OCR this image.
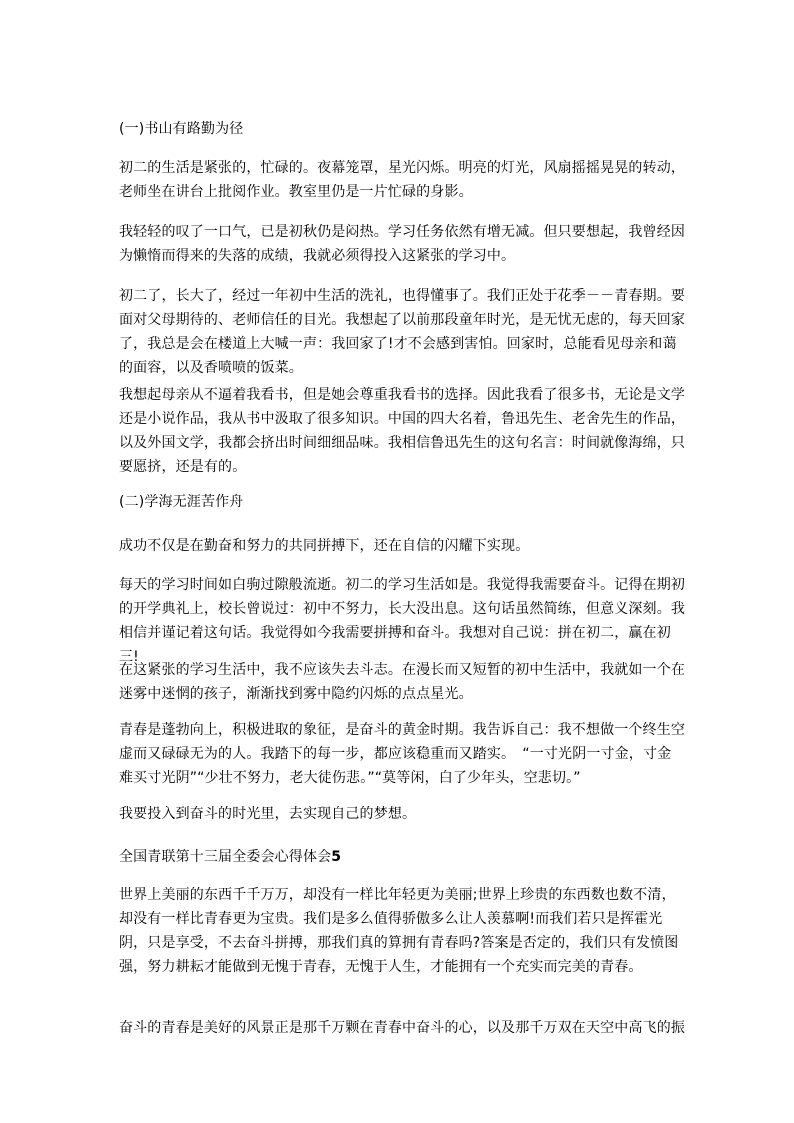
(一)书山有路勤为径

初二的生活是紧张的，忙碌的。夜幕笼罩，星光闪烁。明亮的灯光，风扇摇摇晃晃的转动，老师坐在讲台上批阅作业。教室里仍是一片忙碌的身影。

我轻轻的叹了一口气，已是初秋仍是闷热。学习任务依然有增无减。但只要想起，我曾经因为懒惰而得来的失落的成绩，我就必须得投入这紧张的学习中。

初二了，长大了，经过一年初中生活的洗礼，也得懂事了。我们正处于花季－－青春期。要面对父母期待的、老师信任的目光。我想起了以前那段童年时光，是无忧无虑的，每天回家了，我总是会在楼道上大喊一声：我回家了!才不会感到害怕。回家时，总能看见母亲和蔼的面容，以及香喷喷的饭菜。

我想起母亲从不逼着我看书，但是她会尊重我看书的选择。因此我看了很多书，无论是文学还是小说作品，我从书中汲取了很多知识。中国的四大名着，鲁迅先生、老舍先生的作品，以及外国文学，我都会挤出时间细细品味。我相信鲁迅先生的这句名言：时间就像海绵，只要愿挤，还是有的。

(二)学海无涯苦作舟

成功不仅是在勤奋和努力的共同拼搏下，还在自信的闪耀下实现。

每天的学习时间如白驹过隙般流逝。初二的学习生活如是。我觉得我需要奋斗。记得在期初的开学典礼上，校长曾说过：初中不努力，长大没出息。这句话虽然简练，但意义深刻。我相信并谨记着这句话。我觉得如今我需要拼搏和奋斗。我想对自己说：拼在初二，赢在初三!

在这紧张的学习生活中，我不应该失去斗志。在漫长而又短暂的初中生活中，我就如一个在迷雾中迷惘的孩子，渐渐找到雾中隐约闪烁的点点星光。

青春是蓬勃向上，积极进取的象征，是奋斗的黄金时期。我告诉自己：我不想做一个终生空虚而又碌碌无为的人。我踏下的每一步，都应该稳重而又踏实。　“一寸光阴一寸金，寸金难买寸光阴”“少壮不努力，老大徒伤悲。”“莫等闲，白了少年头，空悲切。”

我要投入到奋斗的时光里，去实现自己的梦想。

全国青联第十三届全委会心得体会5

世界上美丽的东西千千万万，却没有一样比年轻更为美丽;世界上珍贵的东西数也数不清，却没有一样比青春更为宝贵。我们是多么值得骄傲多么让人羡慕啊!而我们若只是挥霍光阴，只是享受，不去奋斗拼搏，那我们真的算拥有青春吗?答案是否定的，我们只有发愤图强，努力耕耘才能做到无愧于青春，无愧于人生，才能拥有一个充实而完美的青春。

奋斗的青春是美好的风景正是那千万颗在青春中奋斗的心，以及那千万双在天空中高飞的振
